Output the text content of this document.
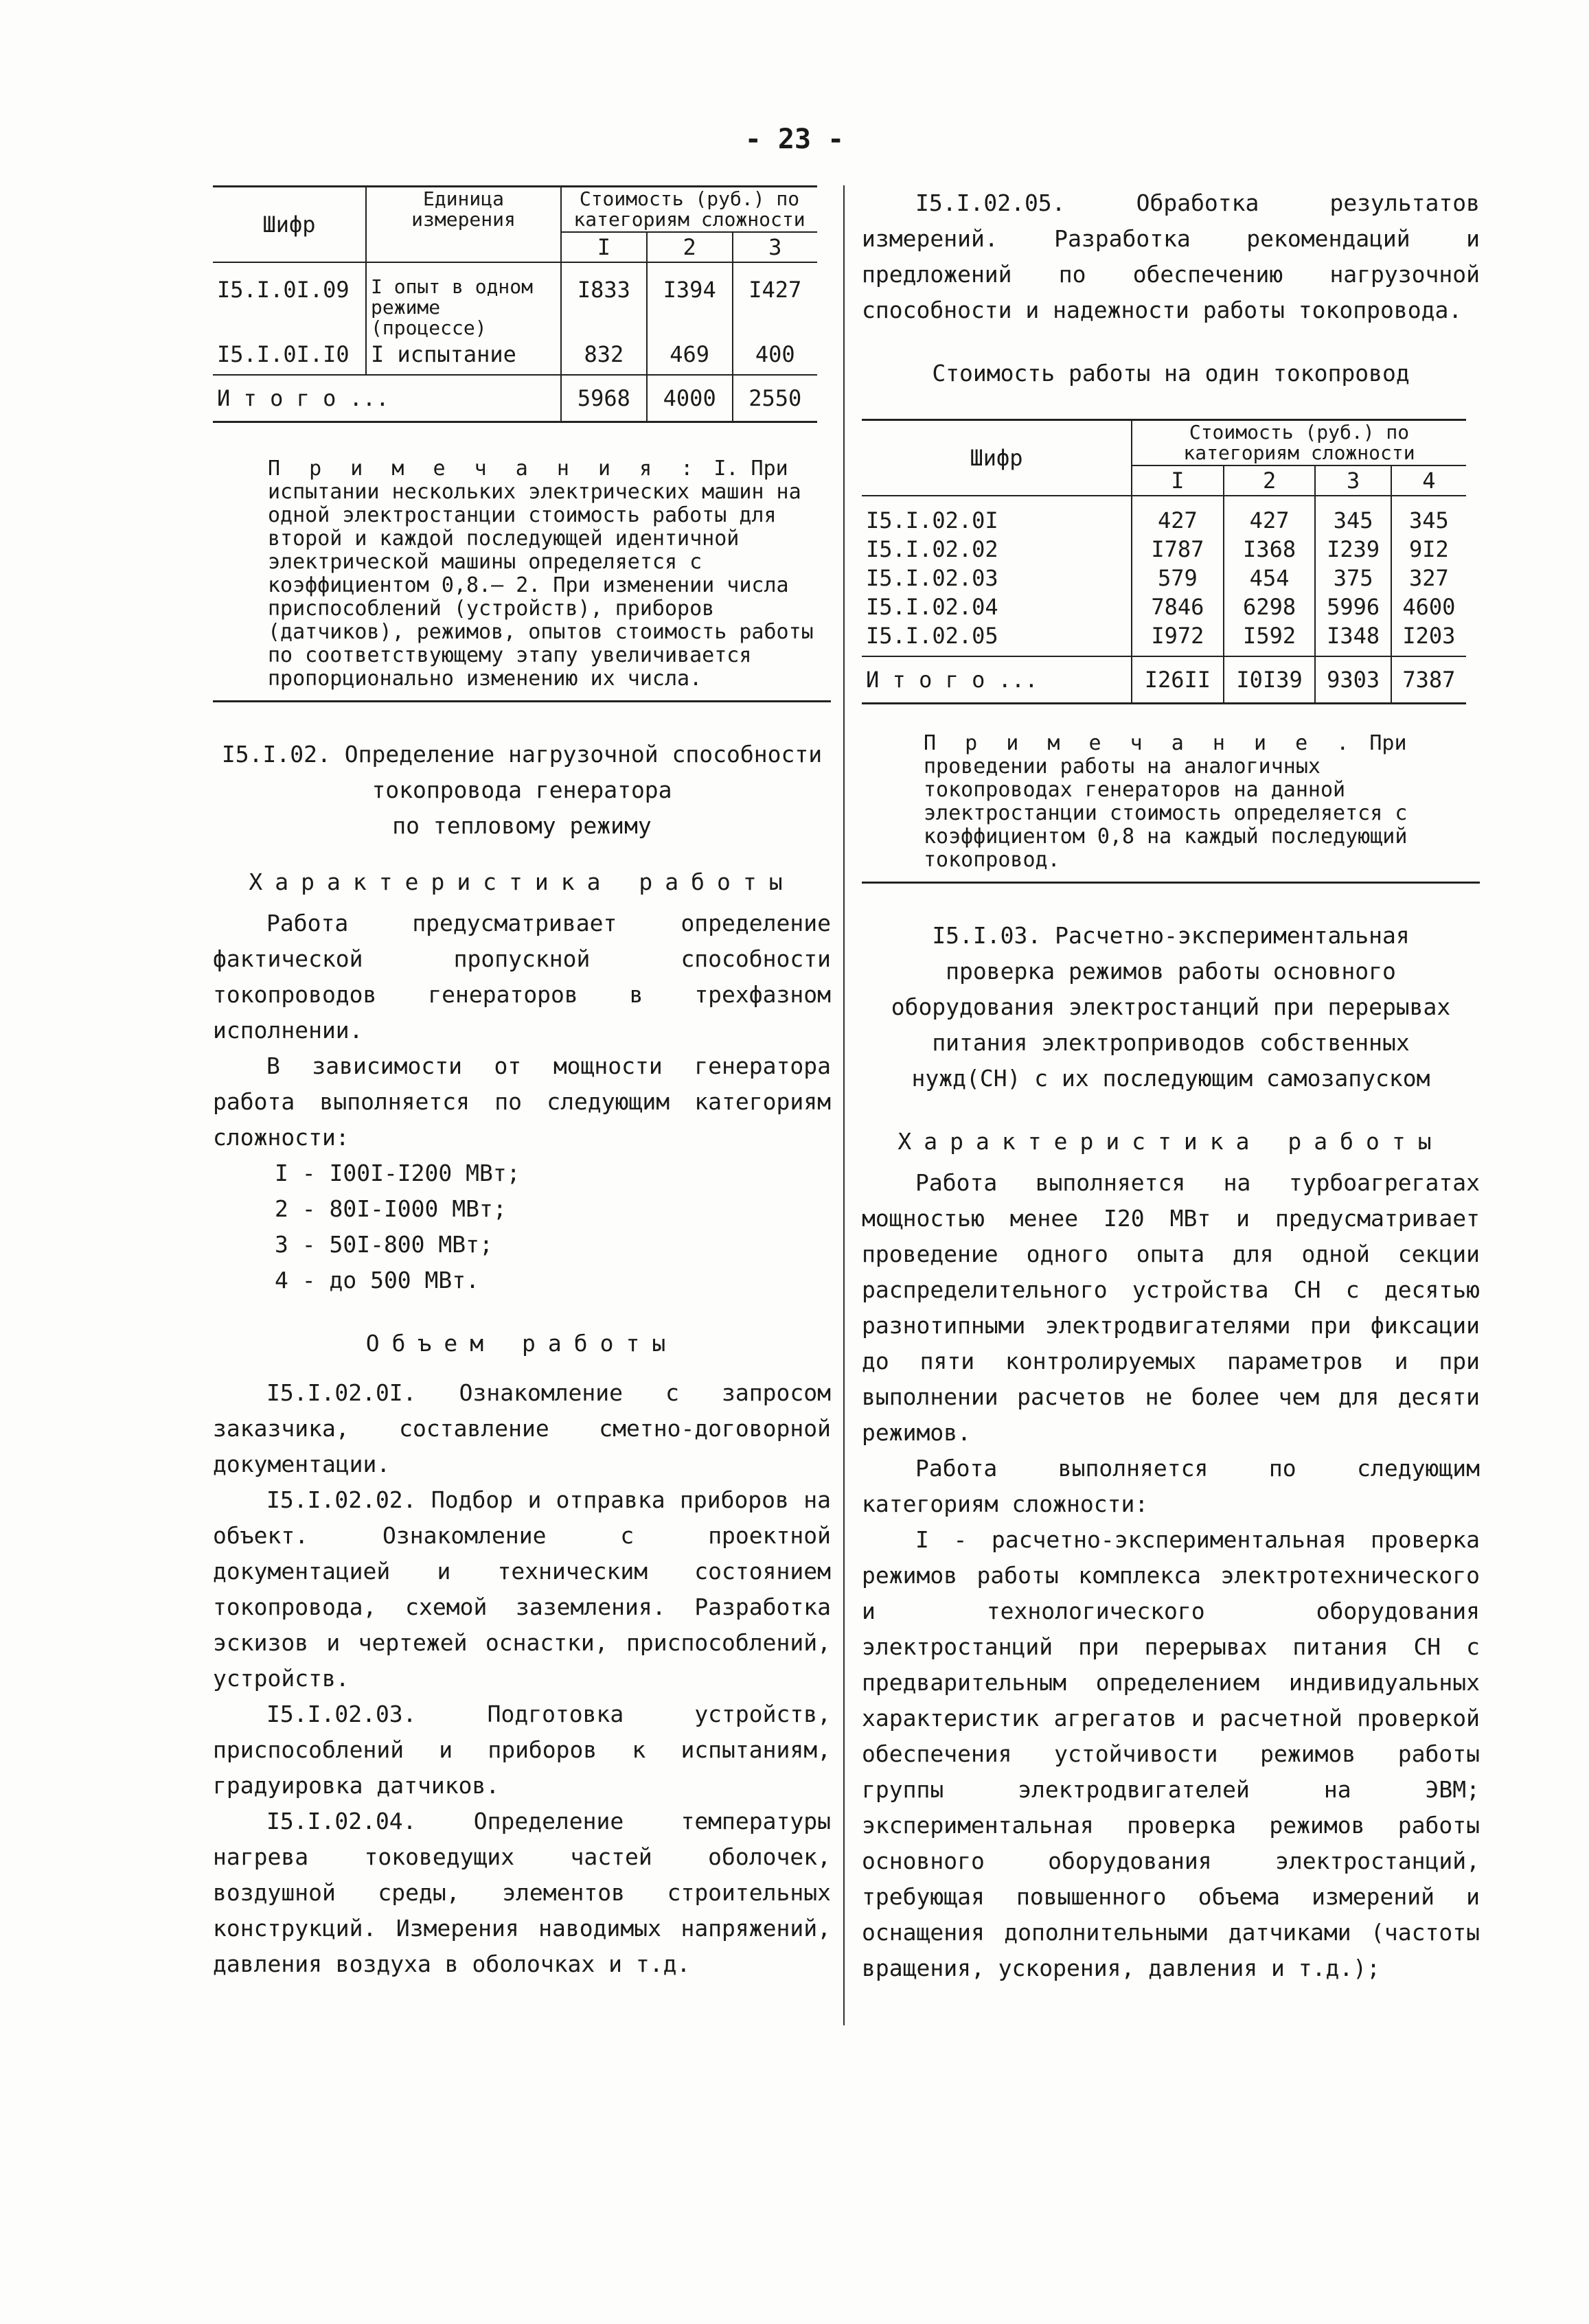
- 23 -
Шифр	Единица измерения	Стоимость (руб.) по категориям сложности		
		I	2	3
I5.I.0I.09	I опыт в одном режиме (процессе)	I833	I394	I427
I5.I.0I.I0	I испытание	832	469	400
И т о г о ...		5968	4000	2550
П р и м е ч а н и я : I. При испытании нескольких электрических машин на одной электростанции стоимость работы для второй и каждой последующей идентичной электрической машины определяется с коэффициентом 0,8.— 2. При изменении числа приспособлений (устройств), приборов (датчиков), режимов, опытов стоимость работы по соответствующему этапу увеличивается пропорционально изменению их числа.

I5.I.02. Определение нагрузочной способности

токопровода генератора

по тепловому режиму

Характеристика работы

Работа предусматривает определение фактической пропускной способности токопроводов генераторов в трехфазном исполнении.

В зависимости от мощности генератора работа выполняется по следующим категориям сложности:

I - I00I-I200 МВт;

2 - 80I-I000 МВт;

3 - 50I-800 МВт;

4 - до 500 МВт.

Объем работы

I5.I.02.0I. Ознакомление с запросом заказчика, составление сметно-договорной документации.

I5.I.02.02. Подбор и отправка приборов на объект. Ознакомление с проектной документацией и техническим состоянием токопровода, схемой заземления. Разработка эскизов и чертежей оснастки, приспособлений, устройств.

I5.I.02.03. Подготовка устройств, приспособлений и приборов к испытаниям, градуировка датчиков.

I5.I.02.04. Определение температуры нагрева токоведущих частей оболочек, воздушной среды, элементов строительных конструкций. Измерения наводимых напряжений, давления воздуха в оболочках и т.д.

I5.I.02.05. Обработка результатов измерений. Разработка рекомендаций и предложений по обеспечению нагрузочной способности и надежности работы токопровода.

Стоимость работы на один токопровод

Шифр	Стоимость (руб.) по категориям сложности			
	I	2	3	4
I5.I.02.0I	427	427	345	345
I5.I.02.02	I787	I368	I239	9I2
I5.I.02.03	579	454	375	327
I5.I.02.04	7846	6298	5996	4600
I5.I.02.05	I972	I592	I348	I203
И т о г о ...	I26II	I0I39	9303	7387
П р и м е ч а н и е . При проведении работы на аналогичных токопроводах генераторов на данной электростанции стоимость определяется с коэффициентом 0,8 на каждый последующий токопровод.

I5.I.03. Расчетно-экспериментальная проверка режимов работы основного оборудования электростанций при перерывах питания электроприводов собственных нужд(СН) с их последующим самозапуском

Характеристика работы

Работа выполняется на турбоагрегатах мощностью менее I20 МВт и предусматривает проведение одного опыта для одной секции распределительного устройства СН с десятью разнотипными электродвигателями при фиксации до пяти контролируемых параметров и при выполнении расчетов не более чем для десяти режимов.

Работа выполняется по следующим категориям сложности:

I - расчетно-экспериментальная проверка режимов работы комплекса электротехнического и технологического оборудования электростанций при перерывах питания СН с предварительным определением индивидуальных характеристик агрегатов и расчетной проверкой обеспечения устойчивости режимов работы группы электродвигателей на ЭВМ; экспериментальная проверка режимов работы основного оборудования электростанций, требующая повышенного объема измерений и оснащения дополнительными датчиками (частоты вращения, ускорения, давления и т.д.);
